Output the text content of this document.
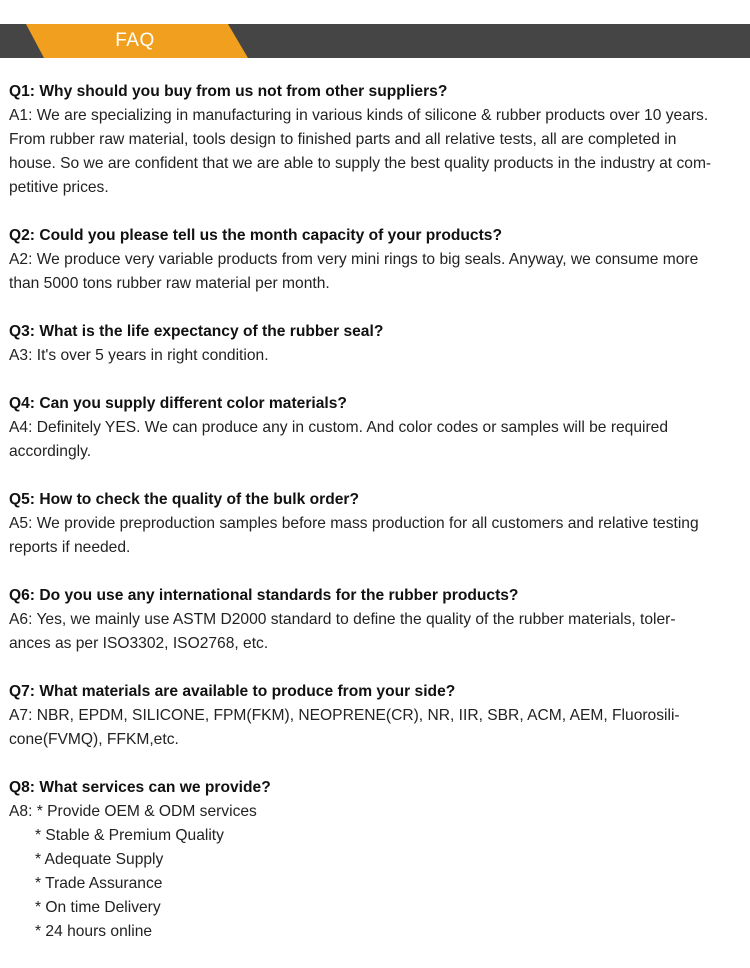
FAQ
Q1: Why should you buy from us not from other suppliers?
A1: We are specializing in manufacturing in various kinds of silicone & rubber products over 10 years.
From rubber raw material, tools design to finished parts and all relative tests, all are completed in
house. So we are confident that we are able to supply the best quality products in the industry at com-
petitive prices.
Q2: Could you please tell us the month capacity of your products?
A2: We produce very variable products from very mini rings to big seals. Anyway, we consume more
than 5000 tons rubber raw material per month.
Q3: What is the life expectancy of the rubber seal?
A3: It's over 5 years in right condition.
Q4: Can you supply different color materials?
A4: Definitely YES. We can produce any in custom. And color codes or samples will be required
accordingly.
Q5: How to check the quality of the bulk order?
A5: We provide preproduction samples before mass production for all customers and relative testing
reports if needed.
Q6: Do you use any international standards for the rubber products?
A6: Yes, we mainly use ASTM D2000 standard to define the quality of the rubber materials, toler-
ances as per ISO3302, ISO2768, etc.
Q7: What materials are available to produce from your side?
A7: NBR, EPDM, SILICONE, FPM(FKM), NEOPRENE(CR), NR, IIR, SBR, ACM, AEM, Fluorosili-
cone(FVMQ), FFKM,etc.
Q8: What services can we provide?
A8: * Provide OEM & ODM services
* Stable & Premium Quality
* Adequate Supply
* Trade Assurance
* On time Delivery
* 24 hours online
